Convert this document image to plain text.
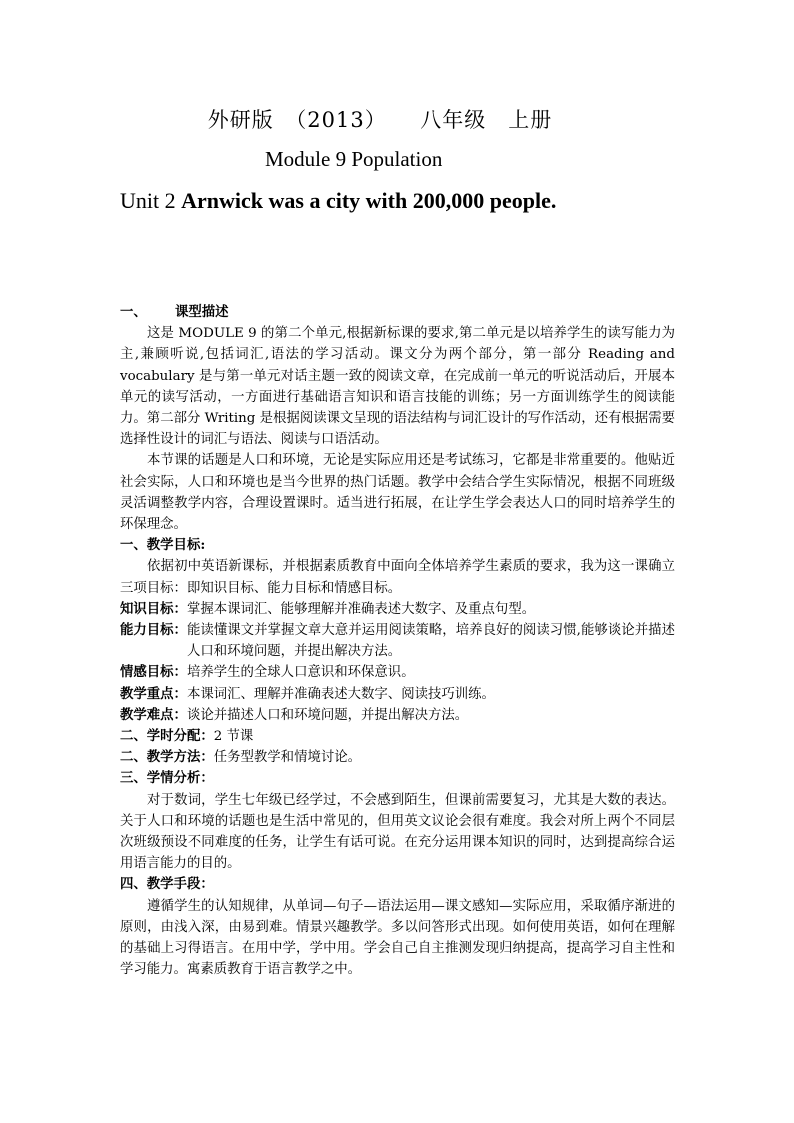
外研版　（2013）　　八年级　上册
Module 9 Population
Unit 2 Arnwick was a city with 200,000 people.
一、 课型描述
这是 MODULE 9 的第二个单元,根据新标课的要求,第二单元是以培养学生的读写能力为主,兼顾听说,包括词汇,语法的学习活动。课文分为两个部分，第一部分 Reading and vocabulary 是与第一单元对话主题一致的阅读文章，在完成前一单元的听说活动后，开展本单元的读写活动，一方面进行基础语言知识和语言技能的训练；另一方面训练学生的阅读能力。第二部分 Writing 是根据阅读课文呈现的语法结构与词汇设计的写作活动，还有根据需要选择性设计的词汇与语法、阅读与口语活动。
本节课的话题是人口和环境，无论是实际应用还是考试练习，它都是非常重要的。他贴近社会实际，人口和环境也是当今世界的热门话题。教学中会结合学生实际情况，根据不同班级灵活调整教学内容，合理设置课时。适当进行拓展，在让学生学会表达人口的同时培养学生的环保理念。
一、教学目标:
依据初中英语新课标，并根据素质教育中面向全体培养学生素质的要求，我为这一课确立三项目标：即知识目标、能力目标和情感目标。
知识目标： 掌握本课词汇、能够理解并准确表述大数字、及重点句型。
能力目标： 能读懂课文并掌握文章大意并运用阅读策略，培养良好的阅读习惯,能够谈论并描述人口和环境问题，并提出解决方法。
情感目标： 培养学生的全球人口意识和环保意识。
教学重点： 本课词汇、理解并准确表述大数字、阅读技巧训练。
教学难点： 谈论并描述人口和环境问题，并提出解决方法。
二、学时分配：2 节课
二、教学方法：任务型教学和情境讨论。
三、学情分析：
对于数词，学生七年级已经学过，不会感到陌生，但课前需要复习，尤其是大数的表达。关于人口和环境的话题也是生活中常见的，但用英文议论会很有难度。我会对所上两个不同层次班级预设不同难度的任务，让学生有话可说。在充分运用课本知识的同时，达到提高综合运用语言能力的目的。
四、教学手段：
遵循学生的认知规律，从单词—句子—语法运用—课文感知—实际应用，采取循序渐进的原则，由浅入深，由易到难。情景兴趣教学。多以问答形式出现。如何使用英语，如何在理解的基础上习得语言。在用中学，学中用。学会自己自主推测发现归纳提高，提高学习自主性和学习能力。寓素质教育于语言教学之中。
